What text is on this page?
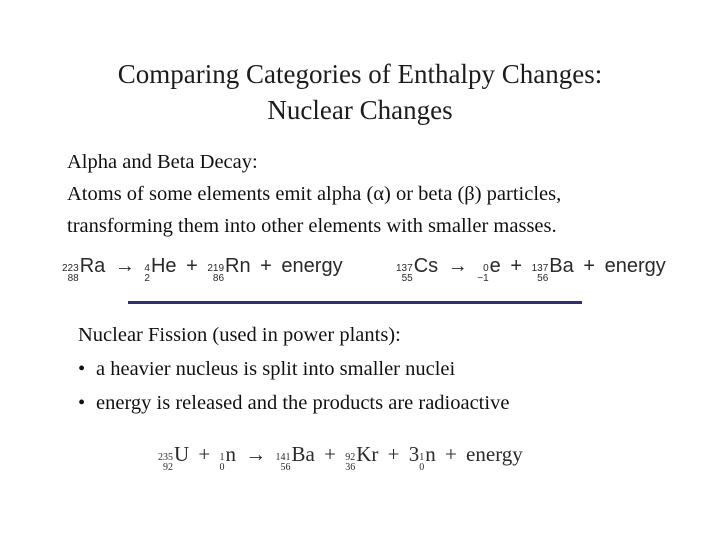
Comparing Categories of Enthalpy Changes:
Nuclear Changes
Alpha and Beta Decay:
Atoms of some elements emit alpha (α) or beta (β) particles,
transforming them into other elements with smaller masses.
223
88
Ra → 4
2
He + 219
86
Rn + energy	137
55
Cs → 0
−1
e + 137
56
Ba + energy
Nuclear Fission (used in power plants):
• a heavier nucleus is split into smaller nuclei
• energy is released and the products are radioactive
235
92
U + 1
0
n → 141
56
Ba + 92
36
Kr + 3 1
0
n + energy
